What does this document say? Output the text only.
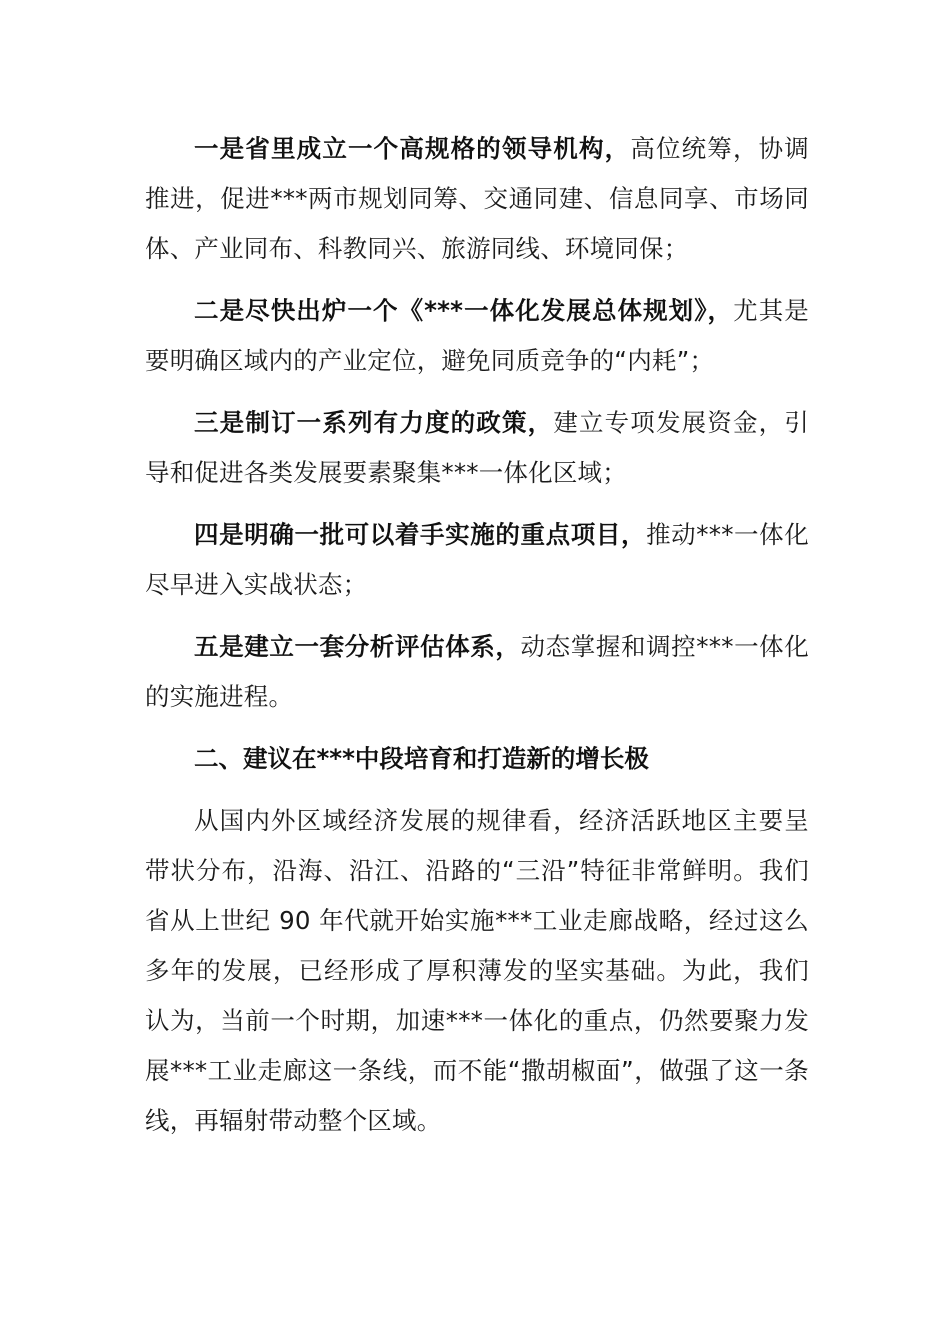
一是省里成立一个高规格的领导机构，高位统筹，协调推进，促进***两市规划同筹、交通同建、信息同享、市场同体、产业同布、科教同兴、旅游同线、环境同保；

二是尽快出炉一个《***一体化发展总体规划》，尤其是要明确区域内的产业定位，避免同质竞争的“内耗”；

三是制订一系列有力度的政策，建立专项发展资金，引导和促进各类发展要素聚集***一体化区域；

四是明确一批可以着手实施的重点项目，推动***一体化尽早进入实战状态；

五是建立一套分析评估体系，动态掌握和调控***一体化的实施进程。

二、建议在***中段培育和打造新的增长极

从国内外区域经济发展的规律看，经济活跃地区主要呈带状分布，沿海、沿江、沿路的“三沿”特征非常鲜明。我们省从上世纪 90 年代就开始实施***工业走廊战略，经过这么多年的发展，已经形成了厚积薄发的坚实基础。为此，我们认为，当前一个时期，加速***一体化的重点，仍然要聚力发展***工业走廊这一条线，而不能“撒胡椒面”，做强了这一条线，再辐射带动整个区域。
